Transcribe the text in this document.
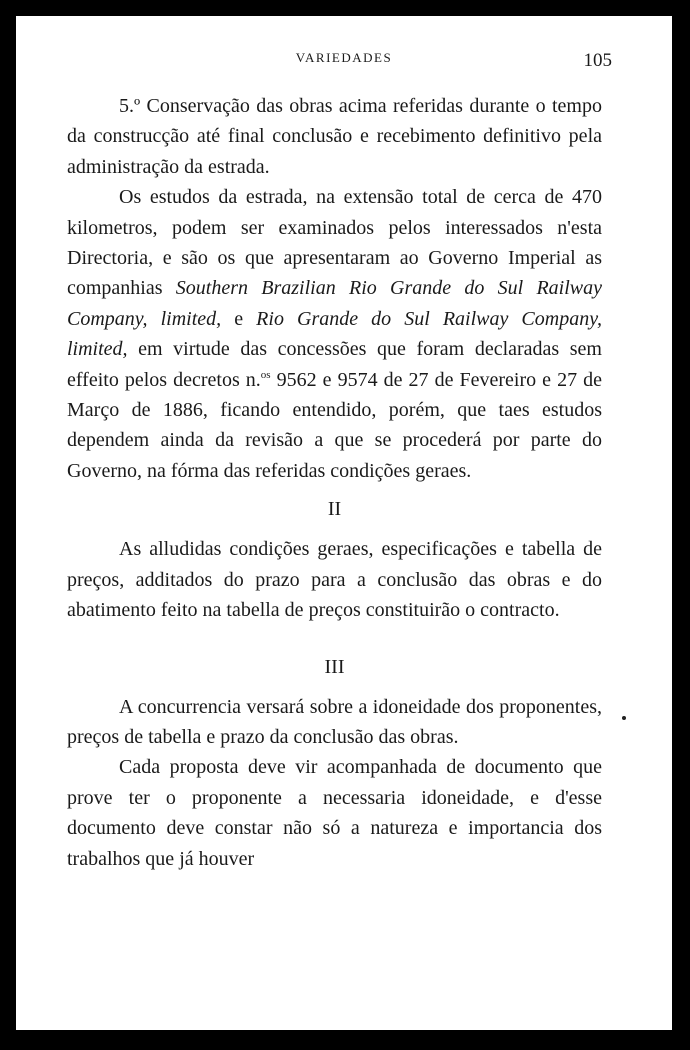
VARIEDADES	105

5.º Conservação das obras acima referidas durante o tempo da construcção até final conclusão e recebimento definitivo pela administração da estrada.

Os estudos da estrada, na extensão total de cerca de 470 kilometros, podem ser examinados pelos interessados n'esta Directoria, e são os que apresentaram ao Governo Imperial as companhias Southern Brazilian Rio Grande do Sul Railway Company, limited, e Rio Grande do Sul Railway Company, limited, em virtude das concessões que foram declaradas sem effeito pelos decretos n.$^{os}$ 9562 e 9574 de 27 de Fevereiro e 27 de Março de 1886, ficando entendido, porém, que taes estudos dependem ainda da revisão a que se procederá por parte do Governo, na fórma das referidas condições geraes.

II

As alludidas condições geraes, especificações e tabella de preços, additados do prazo para a conclusão das obras e do abatimento feito na tabella de preços constituirão o contracto.

III

A concurrencia versará sobre a idoneidade dos proponentes, preços de tabella e prazo da conclusão das obras.

Cada proposta deve vir acompanhada de documento que prove ter o proponente a necessaria idoneidade, e d'esse documento deve constar não só a natureza e importancia dos trabalhos que já houver
